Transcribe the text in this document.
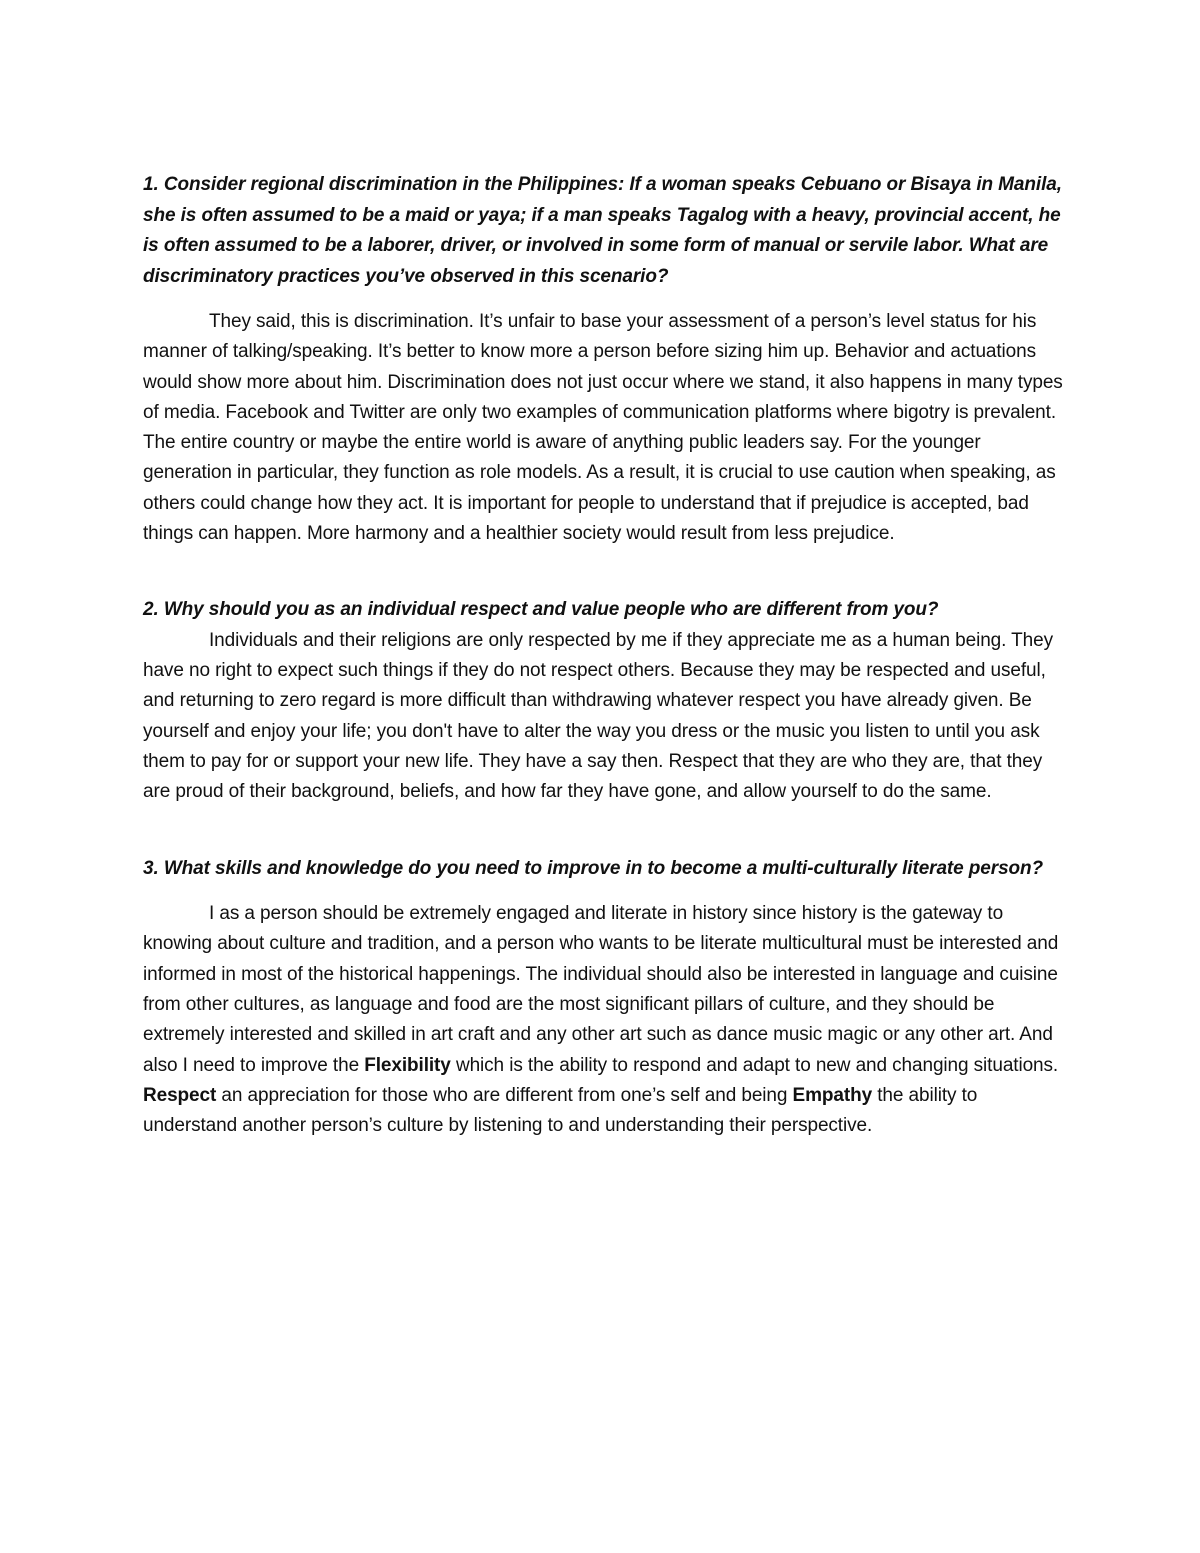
1. Consider regional discrimination in the Philippines: If a woman speaks Cebuano or Bisaya in Manila, she is often assumed to be a maid or yaya; if a man speaks Tagalog with a heavy, provincial accent, he is often assumed to be a laborer, driver, or involved in some form of manual or servile labor. What are discriminatory practices you’ve observed in this scenario?

They said, this is discrimination. It’s unfair to base your assessment of a person’s level status for his manner of talking/speaking. It’s better to know more a person before sizing him up. Behavior and actuations would show more about him. Discrimination does not just occur where we stand, it also happens in many types of media. Facebook and Twitter are only two examples of communication platforms where bigotry is prevalent. The entire country or maybe the entire world is aware of anything public leaders say. For the younger generation in particular, they function as role models. As a result, it is crucial to use caution when speaking, as others could change how they act. It is important for people to understand that if prejudice is accepted, bad things can happen. More harmony and a healthier society would result from less prejudice.

2. Why should you as an individual respect and value people who are different from you?

Individuals and their religions are only respected by me if they appreciate me as a human being. They have no right to expect such things if they do not respect others. Because they may be respected and useful, and returning to zero regard is more difficult than withdrawing whatever respect you have already given. Be yourself and enjoy your life; you don't have to alter the way you dress or the music you listen to until you ask them to pay for or support your new life. They have a say then. Respect that they are who they are, that they are proud of their background, beliefs, and how far they have gone, and allow yourself to do the same.

3. What skills and knowledge do you need to improve in to become a multi-culturally literate person?

I as a person should be extremely engaged and literate in history since history is the gateway to knowing about culture and tradition, and a person who wants to be literate multicultural must be interested and informed in most of the historical happenings. The individual should also be interested in language and cuisine from other cultures, as language and food are the most significant pillars of culture, and they should be extremely interested and skilled in art craft and any other art such as dance music magic or any other art. And also I need to improve the Flexibility which is the ability to respond and adapt to new and changing situations. Respect an appreciation for those who are different from one’s self and being Empathy the ability to understand another person’s culture by listening to and understanding their perspective.
